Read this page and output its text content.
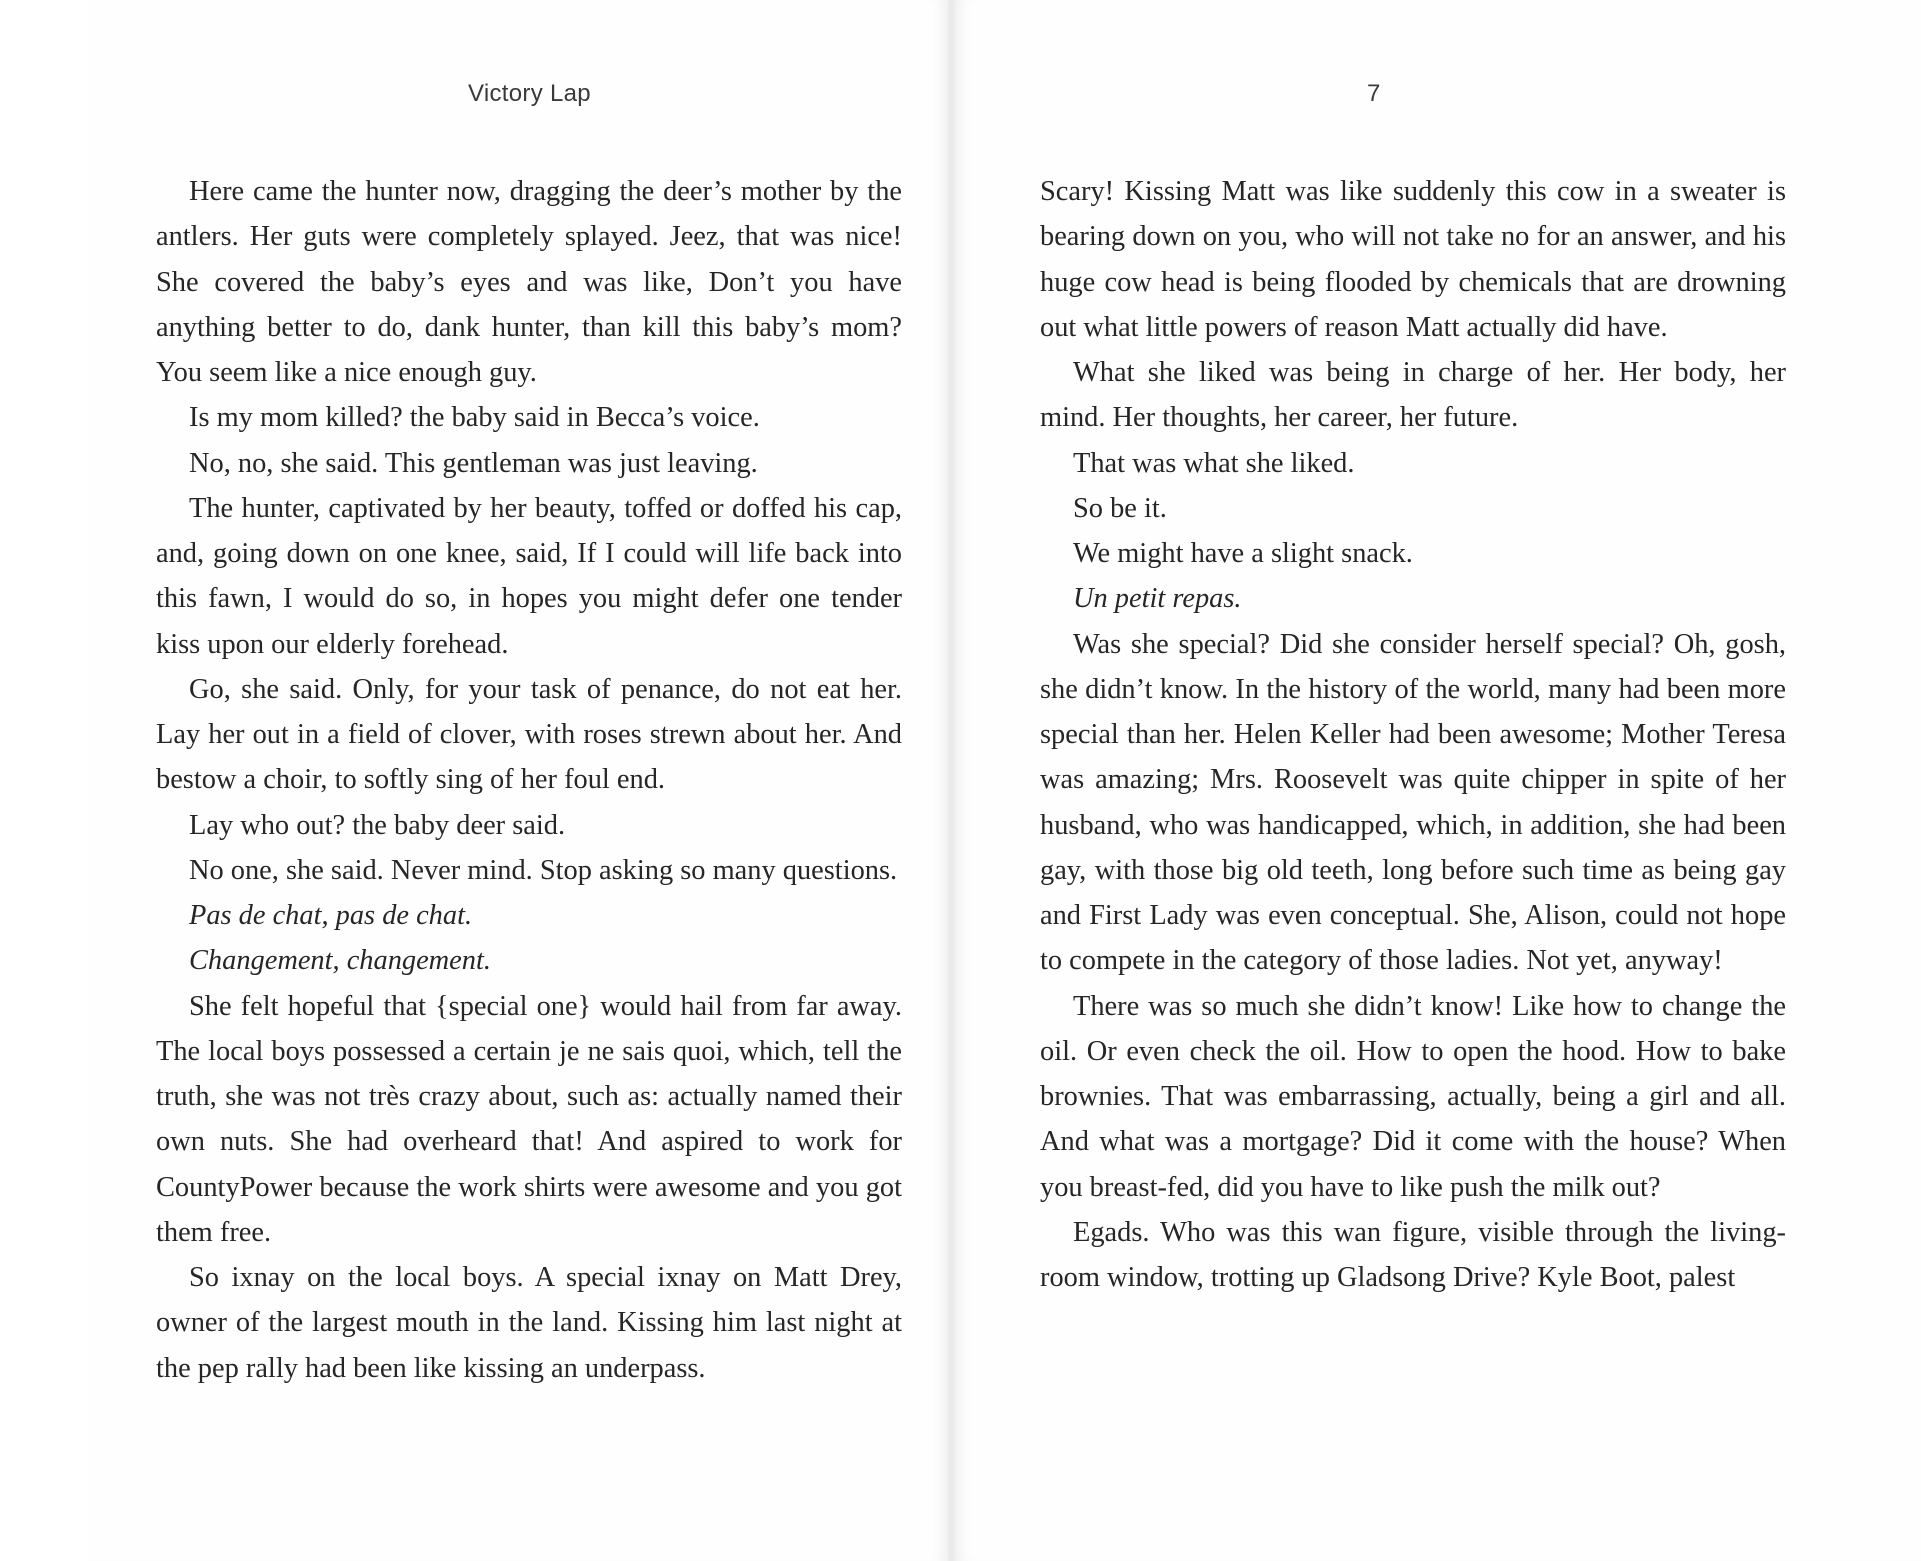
Victory Lap

Here came the hunter now, dragging the deer’s mother by the antlers. Her guts were completely splayed. Jeez, that was nice! She covered the baby’s eyes and was like, Don’t you have anything better to do, dank hunter, than kill this baby’s mom? You seem like a nice enough guy.

Is my mom killed? the baby said in Becca’s voice.

No, no, she said. This gentleman was just leaving.

The hunter, captivated by her beauty, toffed or doffed his cap, and, going down on one knee, said, If I could will life back into this fawn, I would do so, in hopes you might defer one tender kiss upon our elderly forehead.

Go, she said. Only, for your task of penance, do not eat her. Lay her out in a field of clover, with roses strewn about her. And bestow a choir, to softly sing of her foul end.

Lay who out? the baby deer said.

No one, she said. Never mind. Stop asking so many questions.

Pas de chat, pas de chat.

Changement, changement.

She felt hopeful that {special one} would hail from far away. The local boys possessed a certain je ne sais quoi, which, tell the truth, she was not très crazy about, such as: actually named their own nuts. She had overheard that! And aspired to work for CountyPower because the work shirts were awesome and you got them free.

So ixnay on the local boys. A special ixnay on Matt Drey, owner of the largest mouth in the land. Kissing him last night at the pep rally had been like kissing an underpass.

7

Scary! Kissing Matt was like suddenly this cow in a sweater is bearing down on you, who will not take no for an answer, and his huge cow head is being flooded by chemicals that are drowning out what little powers of reason Matt actually did have.

What she liked was being in charge of her. Her body, her mind. Her thoughts, her career, her future.

That was what she liked.

So be it.

We might have a slight snack.

Un petit repas.

Was she special? Did she consider herself special? Oh, gosh, she didn’t know. In the history of the world, many had been more special than her. Helen Keller had been awesome; Mother Teresa was amazing; Mrs. Roosevelt was quite chipper in spite of her husband, who was handicapped, which, in addition, she had been gay, with those big old teeth, long before such time as being gay and First Lady was even conceptual. She, Alison, could not hope to compete in the category of those ladies. Not yet, anyway!

There was so much she didn’t know! Like how to change the oil. Or even check the oil. How to open the hood. How to bake brownies. That was embarrassing, actually, being a girl and all. And what was a mortgage? Did it come with the house? When you breast-fed, did you have to like push the milk out?

Egads. Who was this wan figure, visible through the living-room window, trotting up Gladsong Drive? Kyle Boot, palest
